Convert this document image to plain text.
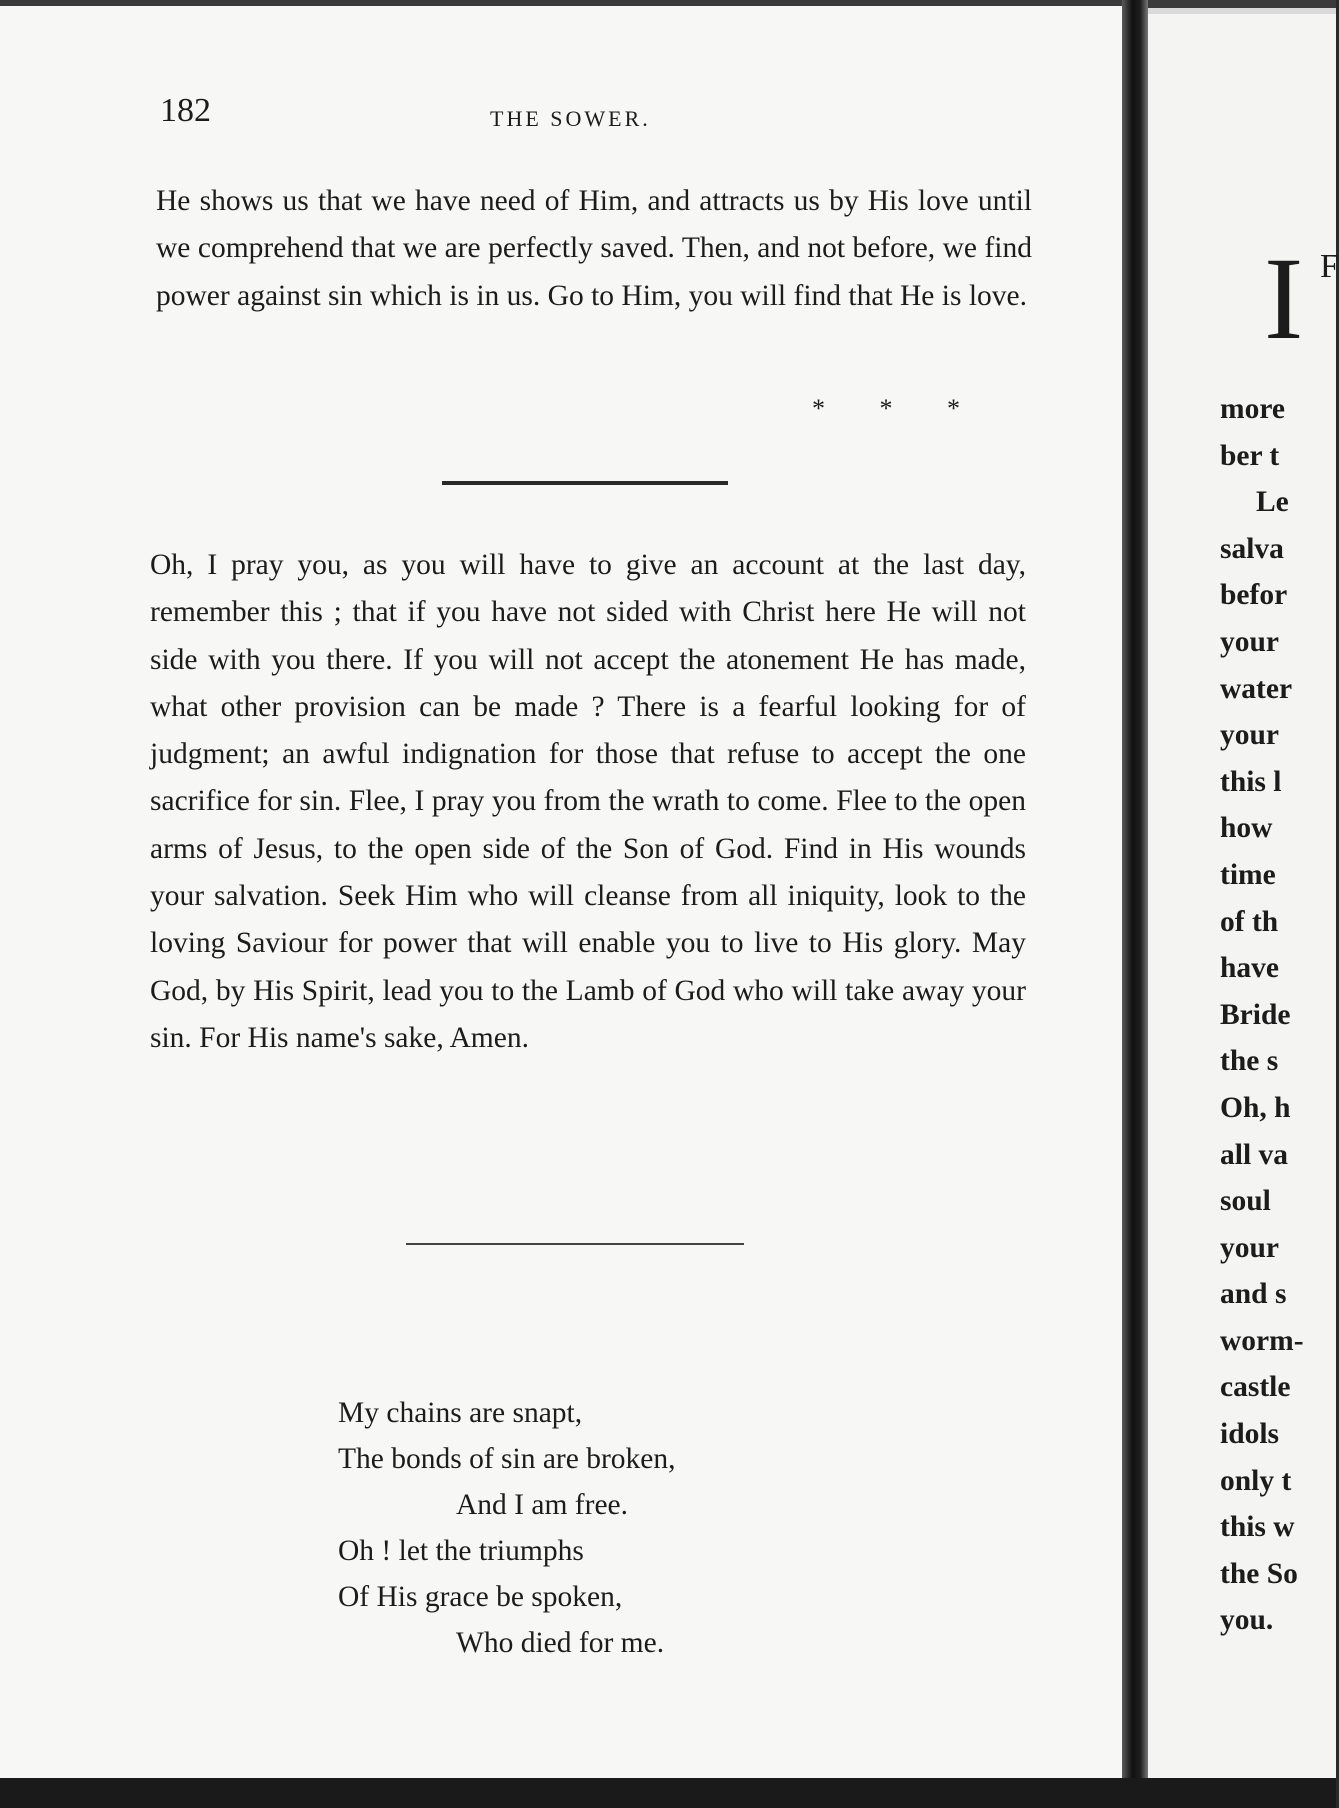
182	THE SOWER.
He shows us that we have need of Him, and attracts us by His love until we comprehend that we are perfectly saved. Then, and not before, we find power against sin which is in us. Go to Him, you will find that He is love.
* * *
Oh, I pray you, as you will have to give an account at the last day, remember this ; that if you have not sided with Christ here He will not side with you there. If you will not accept the atonement He has made, what other provision can be made ? There is a fearful looking for of judgment; an awful indignation for those that refuse to accept the one sacrifice for sin. Flee, I pray you from the wrath to come. Flee to the open arms of Jesus, to the open side of the Son of God. Find in His wounds your salvation. Seek Him who will cleanse from all iniquity, look to the loving Saviour for power that will enable you to live to His glory. May God, by His Spirit, lead you to the Lamb of God who will take away your sin. For His name's sake, Amen.
My chains are snapt,
The bonds of sin are broken,
And I am free.
Oh ! let the triumphs
Of His grace be spoken,
Who died for me.
I F
more
ber t
Le
salva
befor
your
water
your
this l
how
time
of th
have
Bride
the s
Oh, h
all va
soul
your
and s
worm-
castle
idols
only t
this w
the So
you.
